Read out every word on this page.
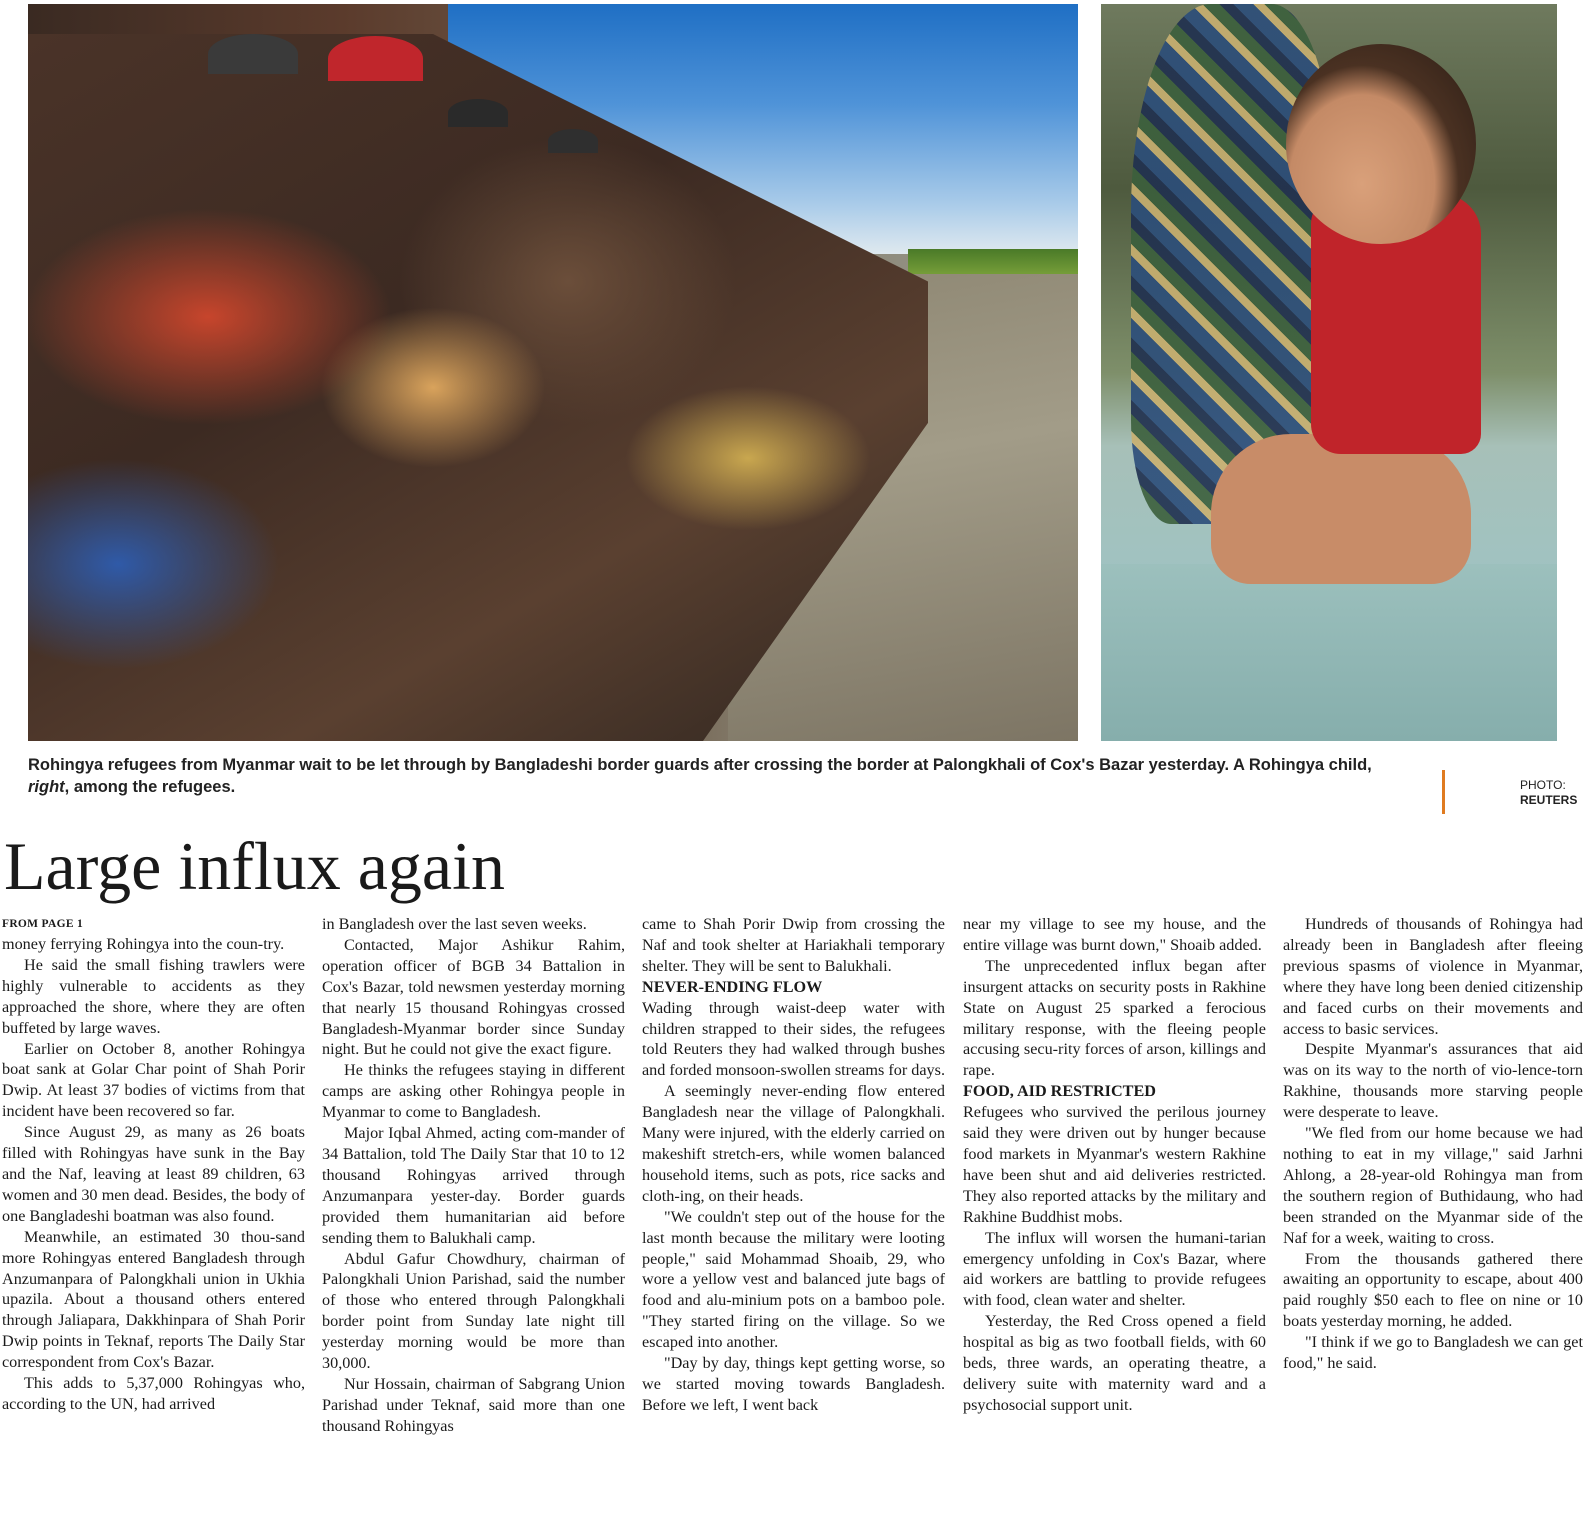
Rohingya refugees from Myanmar wait to be let through by Bangladeshi border guards after crossing the border at Palongkhali of Cox's Bazar yesterday. A Rohingya child, right, among the refugees.	PHOTO:
REUTERS
Large influx again
FROM PAGE 1

money ferrying Rohingya into the coun-try.

He said the small fishing trawlers were highly vulnerable to accidents as they approached the shore, where they are often buffeted by large waves.

Earlier on October 8, another Rohingya boat sank at Golar Char point of Shah Porir Dwip. At least 37 bodies of victims from that incident have been recovered so far.

Since August 29, as many as 26 boats filled with Rohingyas have sunk in the Bay and the Naf, leaving at least 89 children, 63 women and 30 men dead. Besides, the body of one Bangladeshi boatman was also found.

Meanwhile, an estimated 30 thou-sand more Rohingyas entered Bangladesh through Anzumanpara of Palongkhali union in Ukhia upazila. About a thousand others entered through Jaliapara, Dakkhinpara of Shah Porir Dwip points in Teknaf, reports The Daily Star correspondent from Cox's Bazar.

This adds to 5,37,000 Rohingyas who, according to the UN, had arrived

in Bangladesh over the last seven weeks.

Contacted, Major Ashikur Rahim, operation officer of BGB 34 Battalion in Cox's Bazar, told newsmen yesterday morning that nearly 15 thousand Rohingyas crossed Bangladesh-Myanmar border since Sunday night. But he could not give the exact figure.

He thinks the refugees staying in different camps are asking other Rohingya people in Myanmar to come to Bangladesh.

Major Iqbal Ahmed, acting com-mander of 34 Battalion, told The Daily Star that 10 to 12 thousand Rohingyas arrived through Anzumanpara yester-day. Border guards provided them humanitarian aid before sending them to Balukhali camp.

Abdul Gafur Chowdhury, chairman of Palongkhali Union Parishad, said the number of those who entered through Palongkhali border point from Sunday late night till yesterday morning would be more than 30,000.

Nur Hossain, chairman of Sabgrang Union Parishad under Teknaf, said more than one thousand Rohingyas

came to Shah Porir Dwip from crossing the Naf and took shelter at Hariakhali temporary shelter. They will be sent to Balukhali.

NEVER-ENDING FLOW

Wading through waist-deep water with children strapped to their sides, the refugees told Reuters they had walked through bushes and forded monsoon-swollen streams for days.

A seemingly never-ending flow entered Bangladesh near the village of Palongkhali. Many were injured, with the elderly carried on makeshift stretch-ers, while women balanced household items, such as pots, rice sacks and cloth-ing, on their heads.

"We couldn't step out of the house for the last month because the military were looting people," said Mohammad Shoaib, 29, who wore a yellow vest and balanced jute bags of food and alu-minium pots on a bamboo pole. "They started firing on the village. So we escaped into another.

"Day by day, things kept getting worse, so we started moving towards Bangladesh. Before we left, I went back

near my village to see my house, and the entire village was burnt down," Shoaib added.

The unprecedented influx began after insurgent attacks on security posts in Rakhine State on August 25 sparked a ferocious military response, with the fleeing people accusing secu-rity forces of arson, killings and rape.

FOOD, AID RESTRICTED

Refugees who survived the perilous journey said they were driven out by hunger because food markets in Myanmar's western Rakhine have been shut and aid deliveries restricted. They also reported attacks by the military and Rakhine Buddhist mobs.

The influx will worsen the humani-tarian emergency unfolding in Cox's Bazar, where aid workers are battling to provide refugees with food, clean water and shelter.

Yesterday, the Red Cross opened a field hospital as big as two football fields, with 60 beds, three wards, an operating theatre, a delivery suite with maternity ward and a psychosocial support unit.

Hundreds of thousands of Rohingya had already been in Bangladesh after fleeing previous spasms of violence in Myanmar, where they have long been denied citizenship and faced curbs on their movements and access to basic services.

Despite Myanmar's assurances that aid was on its way to the north of vio-lence-torn Rakhine, thousands more starving people were desperate to leave.

"We fled from our home because we had nothing to eat in my village," said Jarhni Ahlong, a 28-year-old Rohingya man from the southern region of Buthidaung, who had been stranded on the Myanmar side of the Naf for a week, waiting to cross.

From the thousands gathered there awaiting an opportunity to escape, about 400 paid roughly $50 each to flee on nine or 10 boats yesterday morning, he added.

"I think if we go to Bangladesh we can get food," he said.
